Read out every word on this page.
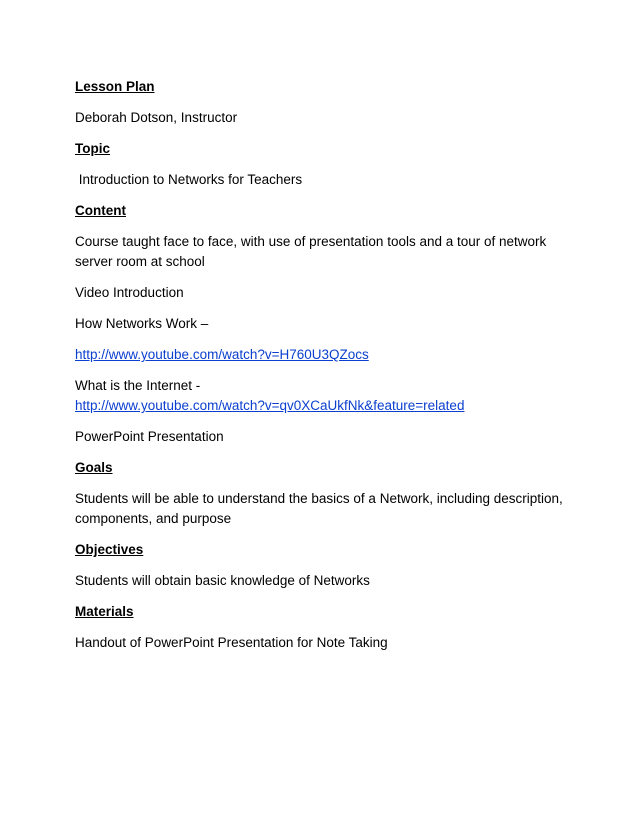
Lesson Plan
Deborah Dotson, Instructor
Topic
Introduction to Networks for Teachers
Content
Course taught face to face, with use of presentation tools and a tour of network server room at school
Video Introduction
How Networks Work –
http://www.youtube.com/watch?v=H760U3QZocs
What is the Internet -
http://www.youtube.com/watch?v=qv0XCaUkfNk&feature=related
PowerPoint Presentation
Goals
Students will be able to understand the basics of a Network, including description, components, and purpose
Objectives
Students will obtain basic knowledge of Networks
Materials
Handout of PowerPoint Presentation for Note Taking
